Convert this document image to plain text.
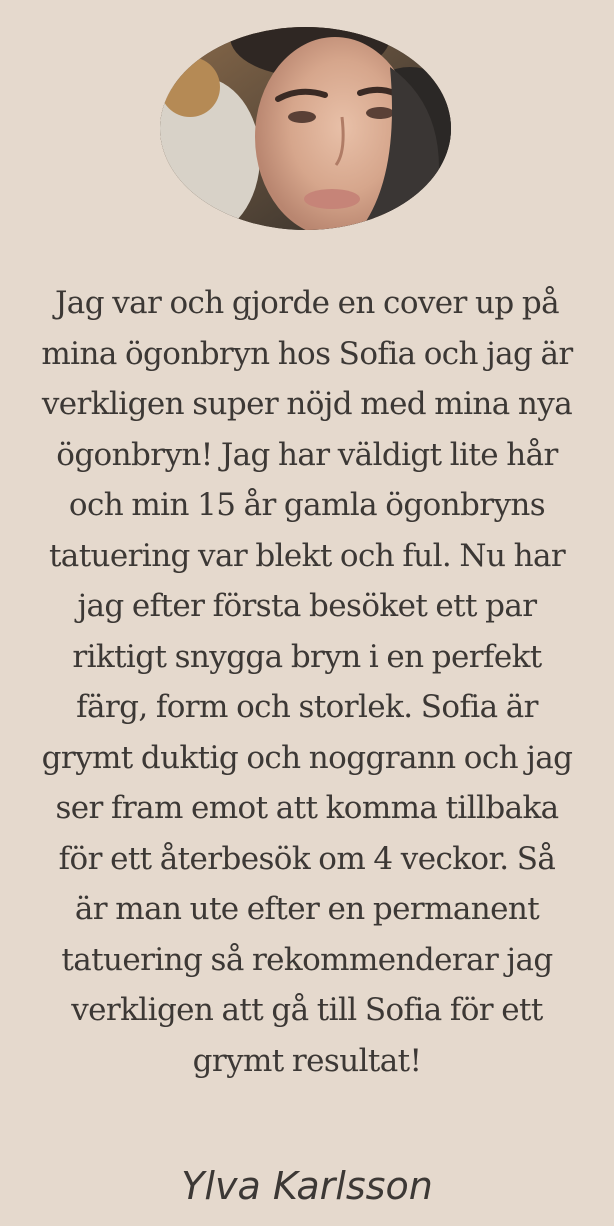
Jag var och gjorde en cover up på mina ögonbryn hos Sofia och jag är verkligen super nöjd med mina nya ögonbryn! Jag har väldigt lite hår och min 15 år gamla ögonbryns tatuering var blekt och ful. Nu har jag efter första besöket ett par riktigt snygga bryn i en perfekt färg, form och storlek. Sofia är grymt duktig och noggrann och jag ser fram emot att komma tillbaka för ett återbesök om 4 veckor. Så är man ute efter en permanent tatuering så rekommenderar jag verkligen att gå till Sofia för ett grymt resultat!

Ylva Karlsson
